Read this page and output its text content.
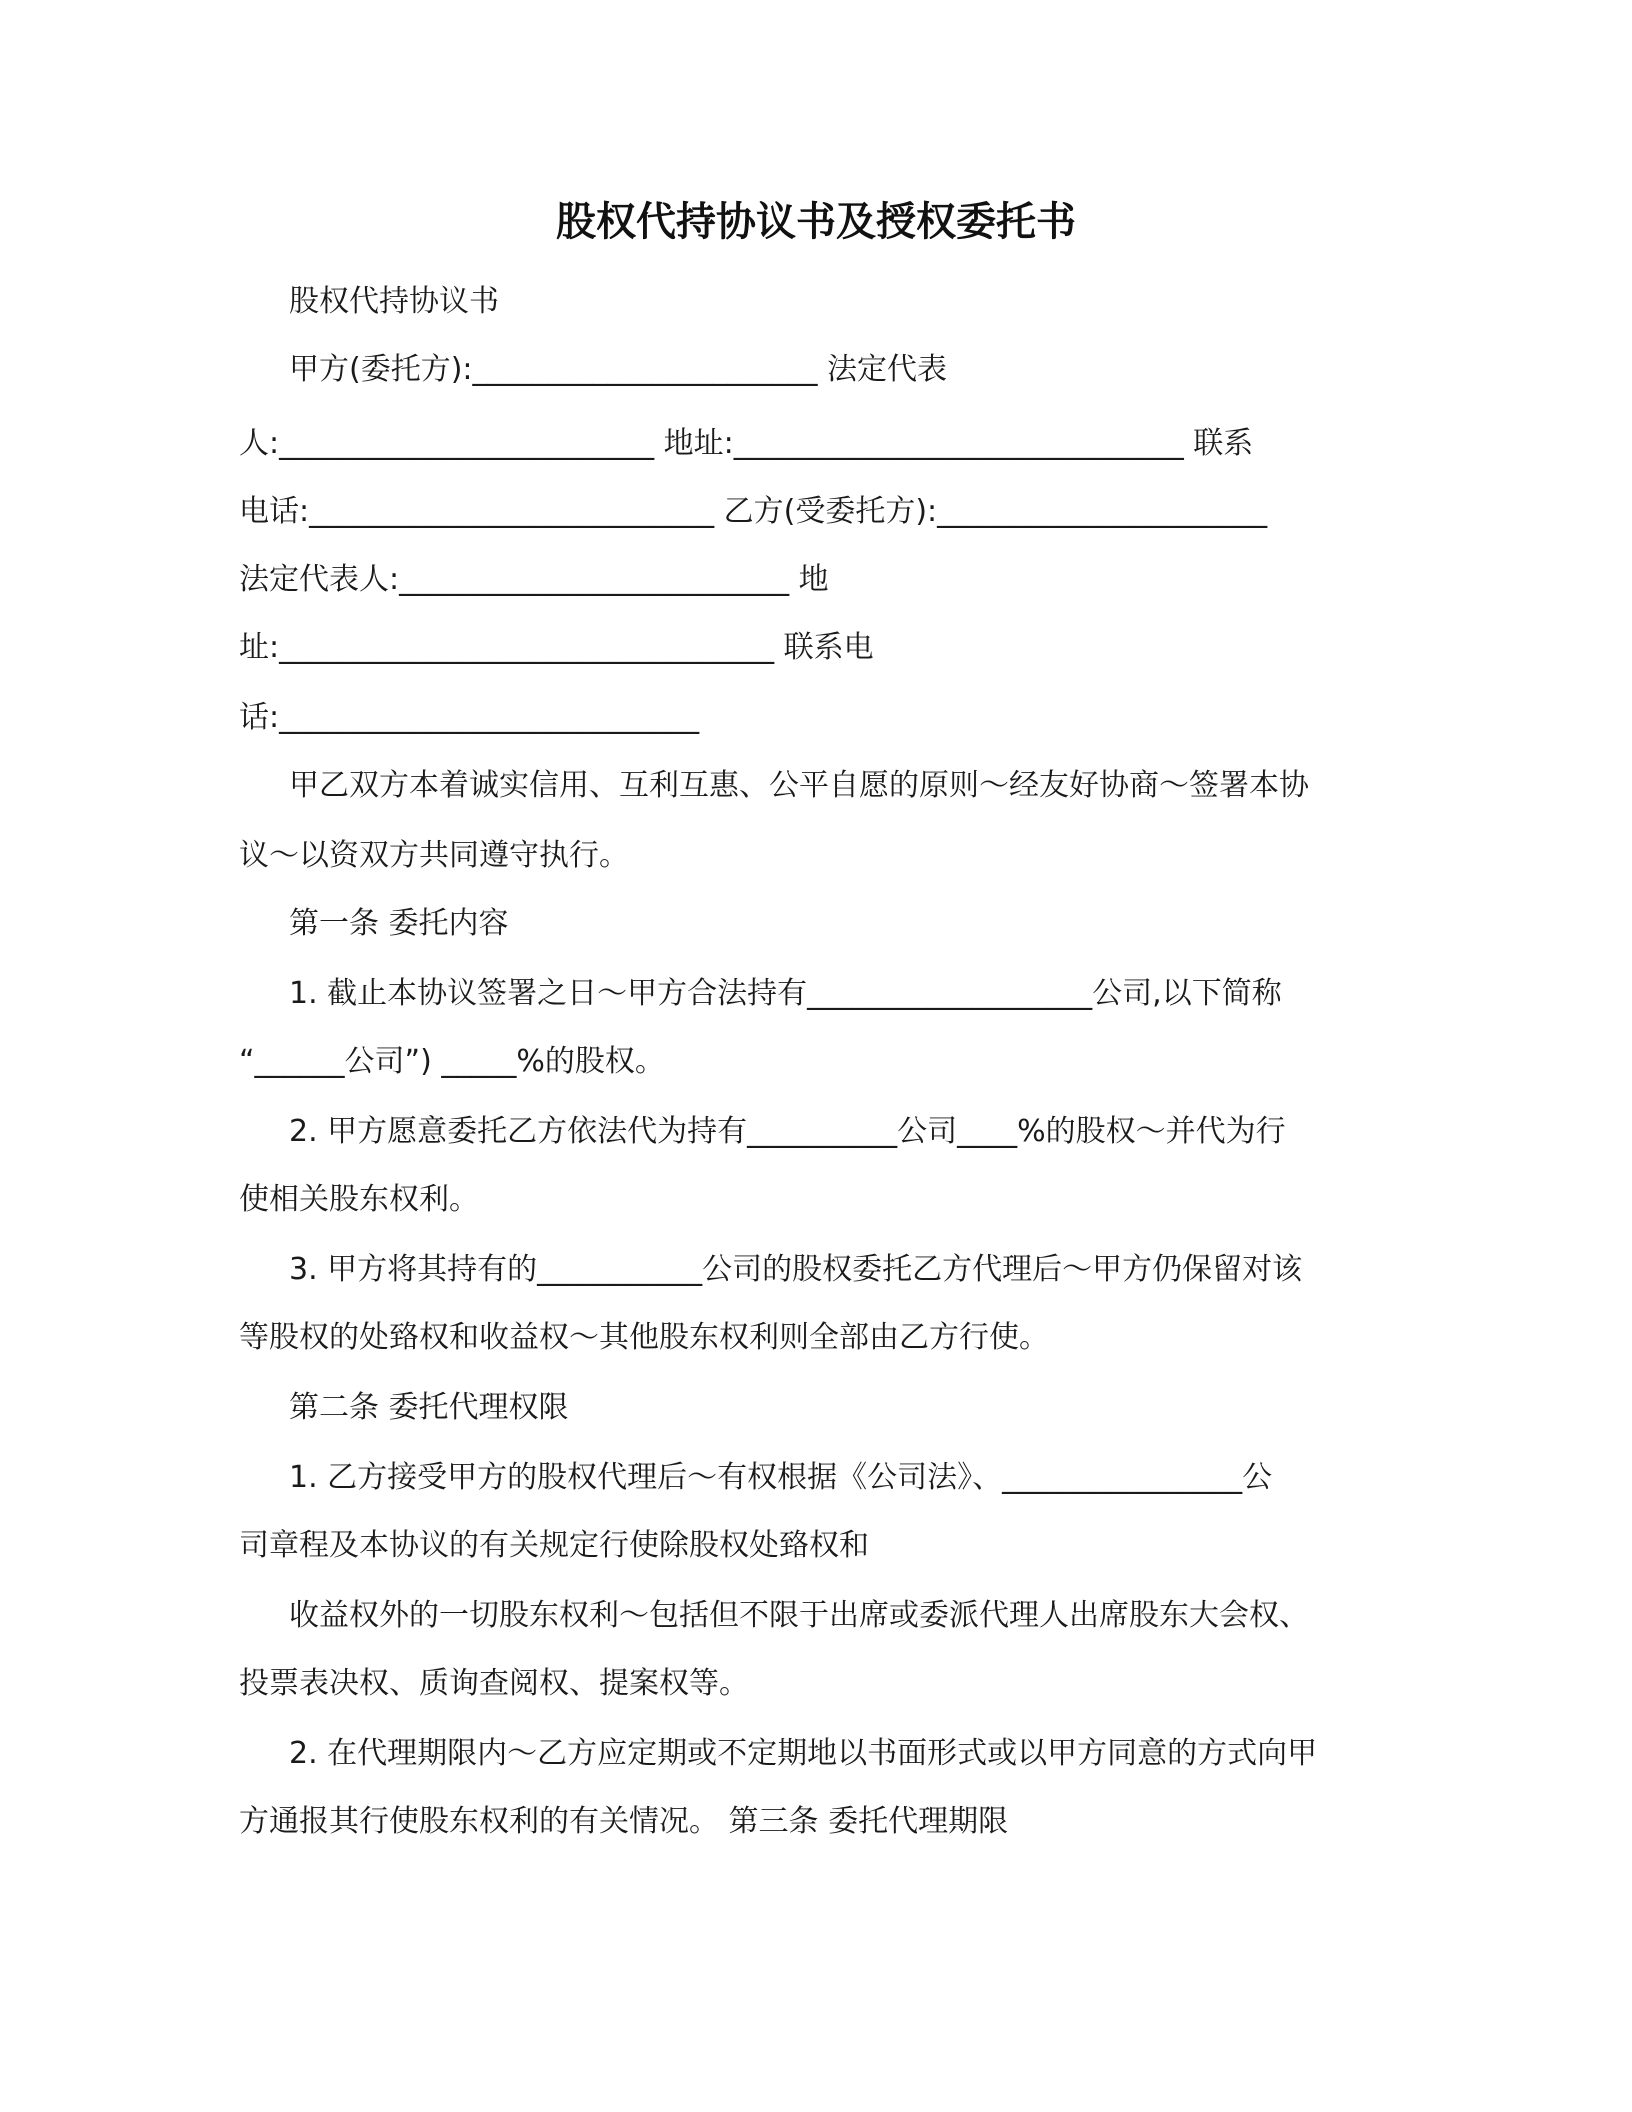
股权代持协议书及授权委托书
股权代持协议书
甲方(委托方):_______________________ 法定代表
人:_________________________ 地址:______________________________ 联系
电话:___________________________ 乙方(受委托方):______________________
法定代表人:__________________________ 地
址:_________________________________ 联系电
话:____________________________
甲乙双方本着诚实信用、互利互惠、公平自愿的原则～经友好协商～签署本协
议～以资双方共同遵守执行。
第一条 委托内容
1. 截止本协议签署之日～甲方合法持有___________________公司,以下简称
“______公司”) _____%的股权。
2. 甲方愿意委托乙方依法代为持有__________公司____%的股权～并代为行
使相关股东权利。
3. 甲方将其持有的___________公司的股权委托乙方代理后～甲方仍保留对该
等股权的处臵权和收益权～其他股东权利则全部由乙方行使。
第二条 委托代理权限
1. 乙方接受甲方的股权代理后～有权根据《公司法》、________________公
司章程及本协议的有关规定行使除股权处臵权和
收益权外的一切股东权利～包括但不限于出席或委派代理人出席股东大会权、
投票表决权、质询查阅权、提案权等。
2. 在代理期限内～乙方应定期或不定期地以书面形式或以甲方同意的方式向甲
方通报其行使股东权利的有关情况。 第三条 委托代理期限
